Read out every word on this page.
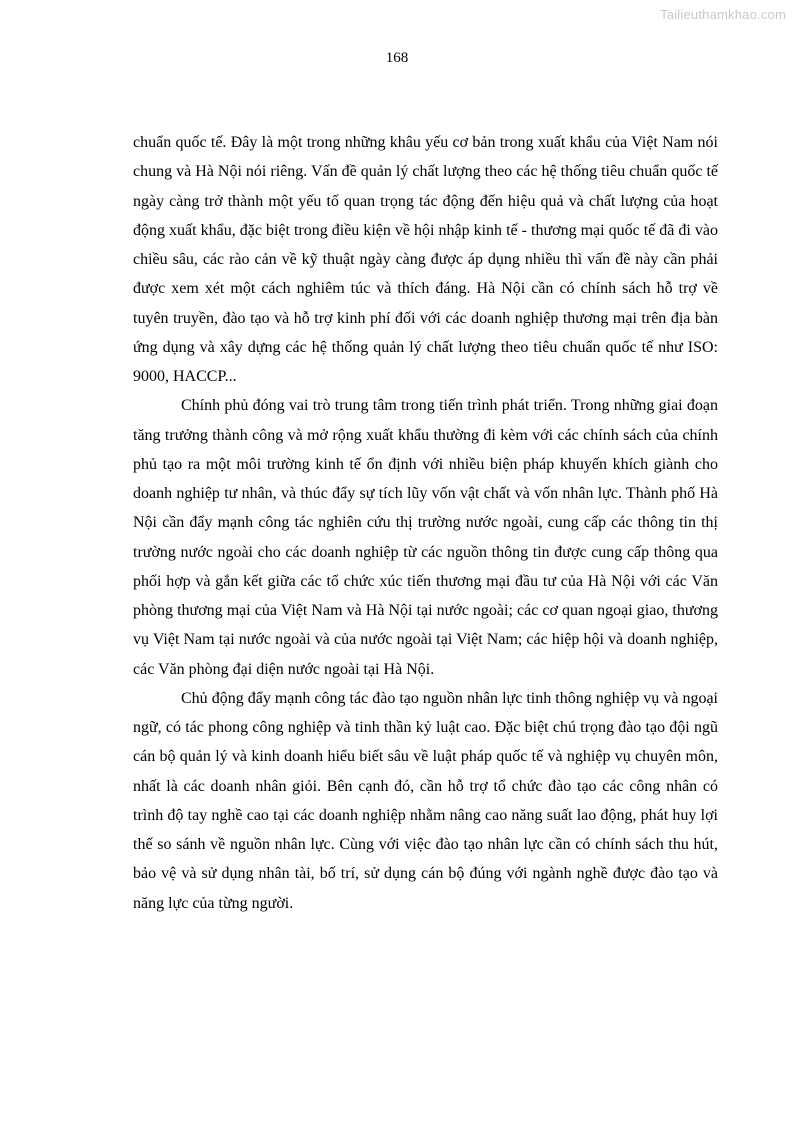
Tailieuthamkhao.com
168

chuẩn quốc tế. Đây là một trong những khâu yếu cơ bản trong xuất khẩu của Việt Nam nói chung và Hà Nội nói riêng. Vấn đề quản lý chất lượng theo các hệ thống tiêu chuẩn quốc tế ngày càng trở thành một yếu tố quan trọng tác động đến hiệu quả và chất lượng của hoạt động xuất khẩu, đặc biệt trong điều kiện về hội nhập kinh tế - thương mại quốc tế đã đi vào chiều sâu, các rào cản về kỹ thuật ngày càng được áp dụng nhiều thì vấn đề này cần phải được xem xét một cách nghiêm túc và thích đáng. Hà Nội cần có chính sách hỗ trợ về tuyên truyền, đào tạo và hỗ trợ kinh phí đối với các doanh nghiệp thương mại trên địa bàn ứng dụng và xây dựng các hệ thống quản lý chất lượng theo tiêu chuẩn quốc tế như ISO: 9000, HACCP...

Chính phủ đóng vai trò trung tâm trong tiến trình phát triển. Trong những giai đoạn tăng trưởng thành công và mở rộng xuất khẩu thường đi kèm với các chính sách của chính phủ tạo ra một môi trường kinh tế ổn định với nhiều biện pháp khuyến khích giành cho doanh nghiệp tư nhân, và thúc đẩy sự tích lũy vốn vật chất và vốn nhân lực. Thành phố Hà Nội cần đẩy mạnh công tác nghiên cứu thị trường nước ngoài, cung cấp các thông tin thị trường nước ngoài cho các doanh nghiệp từ các nguồn thông tin được cung cấp thông qua phối hợp và gắn kết giữa các tổ chức xúc tiến thương mại đầu tư của Hà Nội với các Văn phòng thương mại của Việt Nam và Hà Nội tại nước ngoài; các cơ quan ngoại giao, thương vụ Việt Nam tại nước ngoài và của nước ngoài tại Việt Nam; các hiệp hội và doanh nghiệp, các Văn phòng đại diện nước ngoài tại Hà Nội.

Chủ động đẩy mạnh công tác đào tạo nguồn nhân lực tinh thông nghiệp vụ và ngoại ngữ, có tác phong công nghiệp và tinh thần kỷ luật cao. Đặc biệt chú trọng đào tạo đội ngũ cán bộ quản lý và kinh doanh hiểu biết sâu về luật pháp quốc tế và nghiệp vụ chuyên môn, nhất là các doanh nhân giỏi. Bên cạnh đó, cần hỗ trợ tổ chức đào tạo các công nhân có trình độ tay nghề cao tại các doanh nghiệp nhằm nâng cao năng suất lao động, phát huy lợi thế so sánh về nguồn nhân lực. Cùng với việc đào tạo nhân lực cần có chính sách thu hút, bảo vệ và sử dụng nhân tài, bố trí, sử dụng cán bộ đúng với ngành nghề được đào tạo và năng lực của từng người.
